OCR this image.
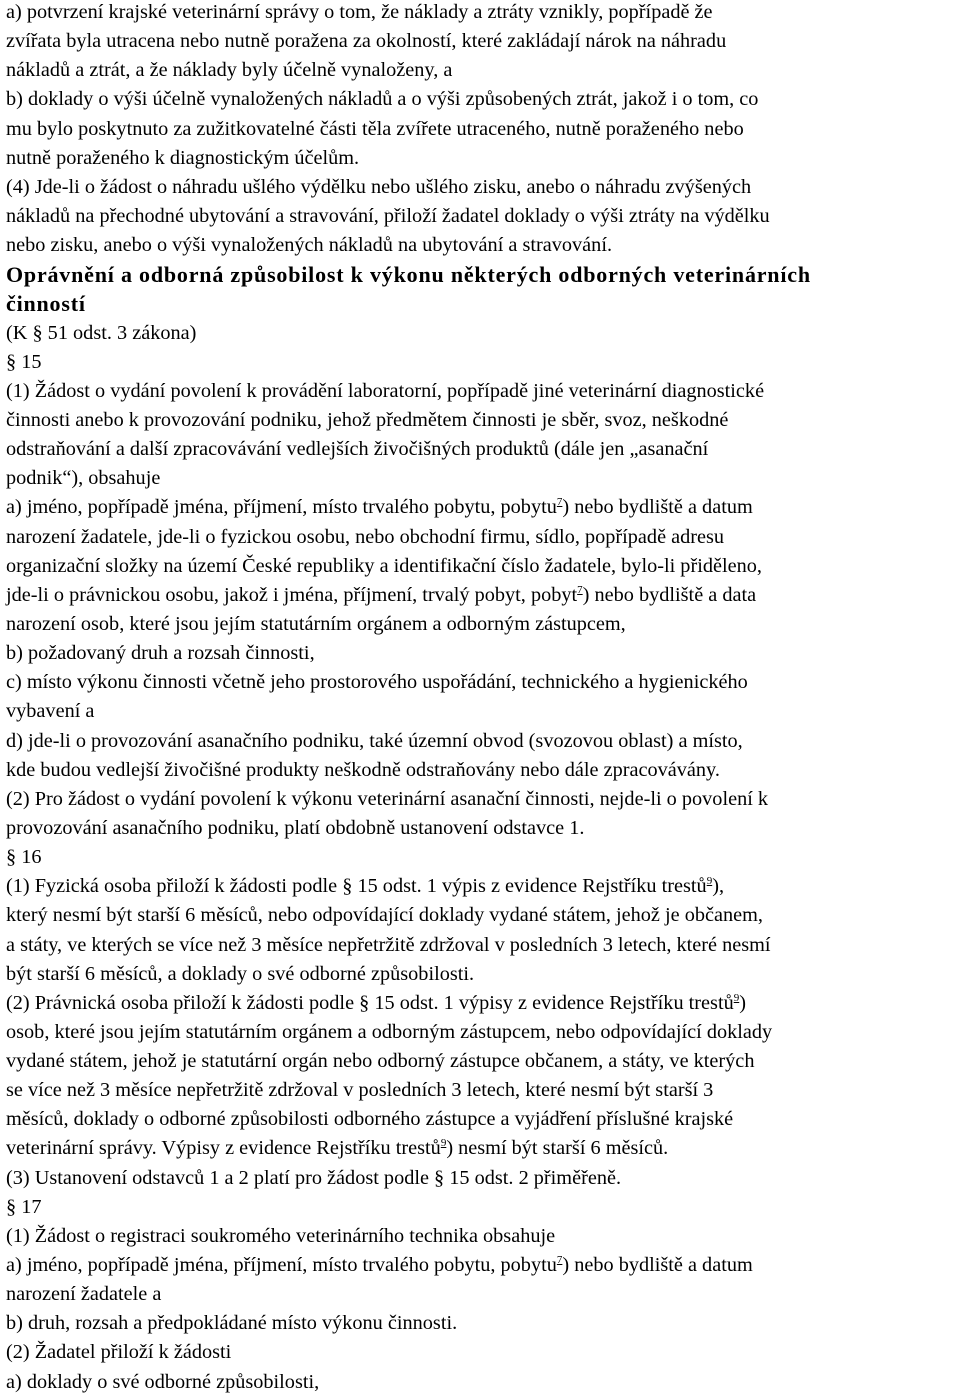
a) potvrzení krajské veterinární správy o tom, že náklady a ztráty vznikly, popřípadě že
zvířata byla utracena nebo nutně poražena za okolností, které zakládají nárok na náhradu
nákladů a ztrát, a že náklady byly účelně vynaloženy, a
b) doklady o výši účelně vynaložených nákladů a o výši způsobených ztrát, jakož i o tom, co
mu bylo poskytnuto za zužitkovatelné části těla zvířete utraceného, nutně poraženého nebo
nutně poraženého k diagnostickým účelům.
(4) Jde-li o žádost o náhradu ušlého výdělku nebo ušlého zisku, anebo o náhradu zvýšených
nákladů na přechodné ubytování a stravování, přiloží žadatel doklady o výši ztráty na výdělku
nebo zisku, anebo o výši vynaložených nákladů na ubytování a stravování.
Oprávnění a odborná způsobilost k výkonu některých odborných veterinárních
činností
(K § 51 odst. 3 zákona)
§ 15
(1) Žádost o vydání povolení k provádění laboratorní, popřípadě jiné veterinární diagnostické
činnosti anebo k provozování podniku, jehož předmětem činnosti je sběr, svoz, neškodné
odstraňování a další zpracovávání vedlejších živočišných produktů (dále jen „asanační
podnik“), obsahuje
a) jméno, popřípadě jména, příjmení, místo trvalého pobytu, pobytu$^7$) nebo bydliště a datum
narození žadatele, jde-li o fyzickou osobu, nebo obchodní firmu, sídlo, popřípadě adresu
organizační složky na území České republiky a identifikační číslo žadatele, bylo-li přiděleno,
jde-li o právnickou osobu, jakož i jména, příjmení, trvalý pobyt, pobyt$^7$) nebo bydliště a data
narození osob, které jsou jejím statutárním orgánem a odborným zástupcem,
b) požadovaný druh a rozsah činnosti,
c) místo výkonu činnosti včetně jeho prostorového uspořádání, technického a hygienického
vybavení a
d) jde-li o provozování asanačního podniku, také územní obvod (svozovou oblast) a místo,
kde budou vedlejší živočišné produkty neškodně odstraňovány nebo dále zpracovávány.
(2) Pro žádost o vydání povolení k výkonu veterinární asanační činnosti, nejde-li o povolení k
provozování asanačního podniku, platí obdobně ustanovení odstavce 1.
§ 16
(1) Fyzická osoba přiloží k žádosti podle § 15 odst. 1 výpis z evidence Rejstříku trestů$^9$),
který nesmí být starší 6 měsíců, nebo odpovídající doklady vydané státem, jehož je občanem,
a státy, ve kterých se více než 3 měsíce nepřetržitě zdržoval v posledních 3 letech, které nesmí
být starší 6 měsíců, a doklady o své odborné způsobilosti.
(2) Právnická osoba přiloží k žádosti podle § 15 odst. 1 výpisy z evidence Rejstříku trestů$^9$)
osob, které jsou jejím statutárním orgánem a odborným zástupcem, nebo odpovídající doklady
vydané státem, jehož je statutární orgán nebo odborný zástupce občanem, a státy, ve kterých
se více než 3 měsíce nepřetržitě zdržoval v posledních 3 letech, které nesmí být starší 3
měsíců, doklady o odborné způsobilosti odborného zástupce a vyjádření příslušné krajské
veterinární správy. Výpisy z evidence Rejstříku trestů$^9$) nesmí být starší 6 měsíců.
(3) Ustanovení odstavců 1 a 2 platí pro žádost podle § 15 odst. 2 přiměřeně.
§ 17
(1) Žádost o registraci soukromého veterinárního technika obsahuje
a) jméno, popřípadě jména, příjmení, místo trvalého pobytu, pobytu$^7$) nebo bydliště a datum
narození žadatele a
b) druh, rozsah a předpokládané místo výkonu činnosti.
(2) Žadatel přiloží k žádosti
a) doklady o své odborné způsobilosti,
